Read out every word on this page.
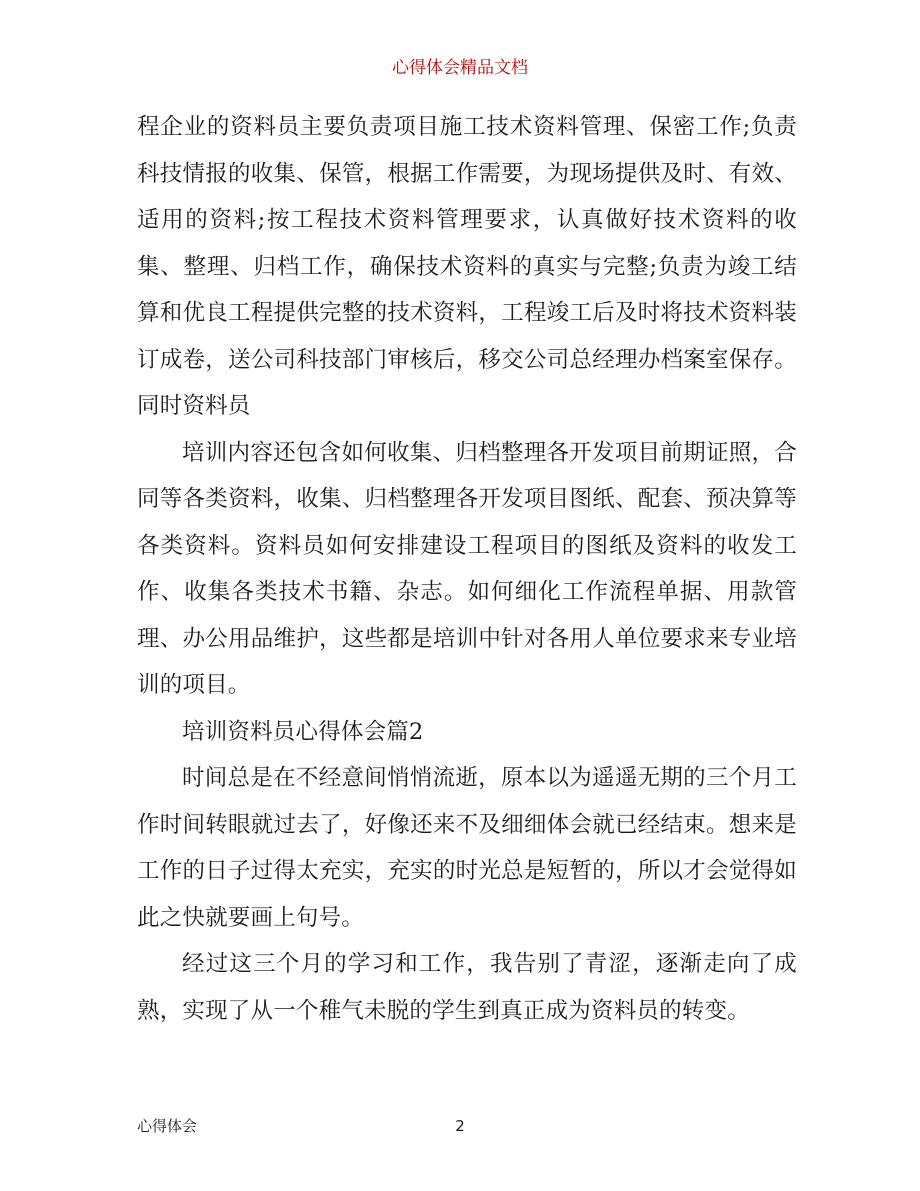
心得体会精品文档

程企业的资料员主要负责项目施工技术资料管理、保密工作;负责科技情报的收集、保管，根据工作需要，为现场提供及时、有效、适用的资料;按工程技术资料管理要求，认真做好技术资料的收集、整理、归档工作，确保技术资料的真实与完整;负责为竣工结算和优良工程提供完整的技术资料，工程竣工后及时将技术资料装订成卷，送公司科技部门审核后，移交公司总经理办档案室保存。同时资料员

培训内容还包含如何收集、归档整理各开发项目前期证照，合同等各类资料，收集、归档整理各开发项目图纸、配套、预决算等各类资料。资料员如何安排建设工程项目的图纸及资料的收发工作、收集各类技术书籍、杂志。如何细化工作流程单据、用款管理、办公用品维护，这些都是培训中针对各用人单位要求来专业培训的项目。

培训资料员心得体会篇2

时间总是在不经意间悄悄流逝，原本以为遥遥无期的三个月工作时间转眼就过去了，好像还来不及细细体会就已经结束。想来是工作的日子过得太充实，充实的时光总是短暂的，所以才会觉得如此之快就要画上句号。

经过这三个月的学习和工作，我告别了青涩，逐渐走向了成熟，实现了从一个稚气未脱的学生到真正成为资料员的转变。

心得体会	2
